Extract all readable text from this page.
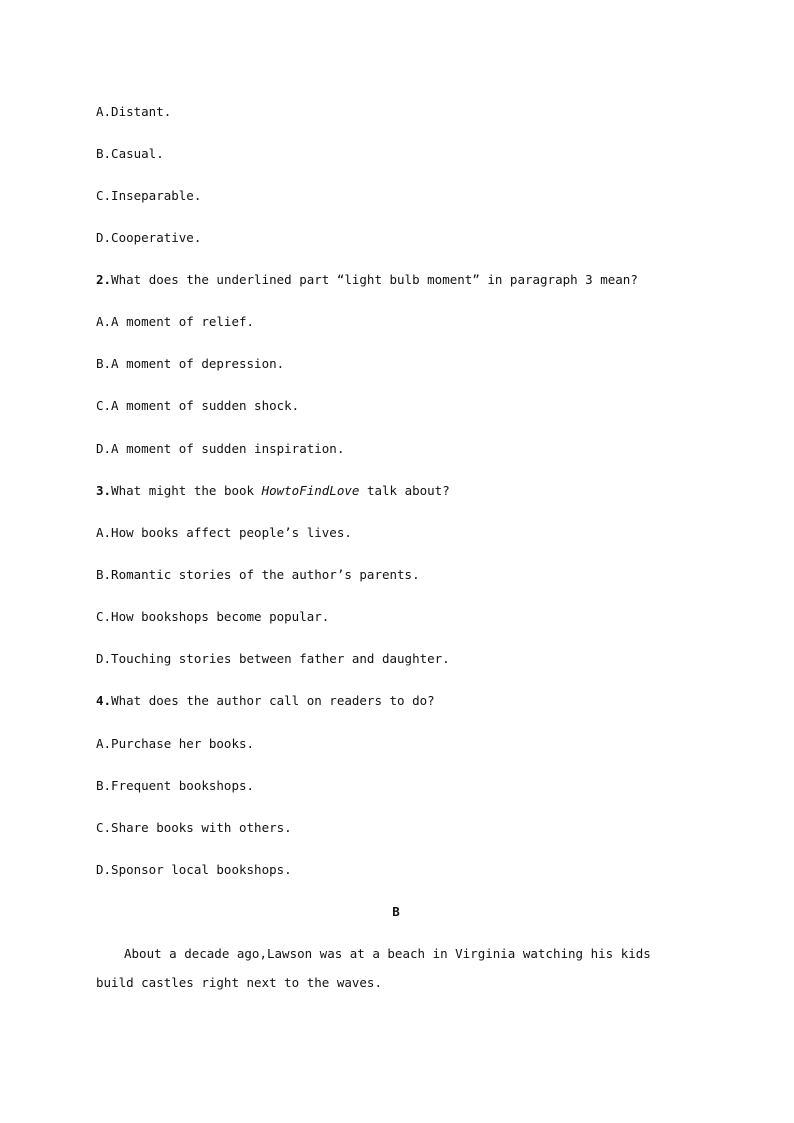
A.Distant.
B.Casual.
C.Inseparable.
D.Cooperative.
2.What does the underlined part “light bulb moment” in paragraph 3 mean?
A.A moment of relief.
B.A moment of depression.
C.A moment of sudden shock.
D.A moment of sudden inspiration.
3.What might the book HowtoFindLove talk about?
A.How books affect people’s lives.
B.Romantic stories of the author’s parents.
C.How bookshops become popular.
D.Touching stories between father and daughter.
4.What does the author call on readers to do?
A.Purchase her books.
B.Frequent bookshops.
C.Share books with others.
D.Sponsor local bookshops.
B
About a decade ago,Lawson was at a beach in Virginia watching his kids build castles right next to the waves.
